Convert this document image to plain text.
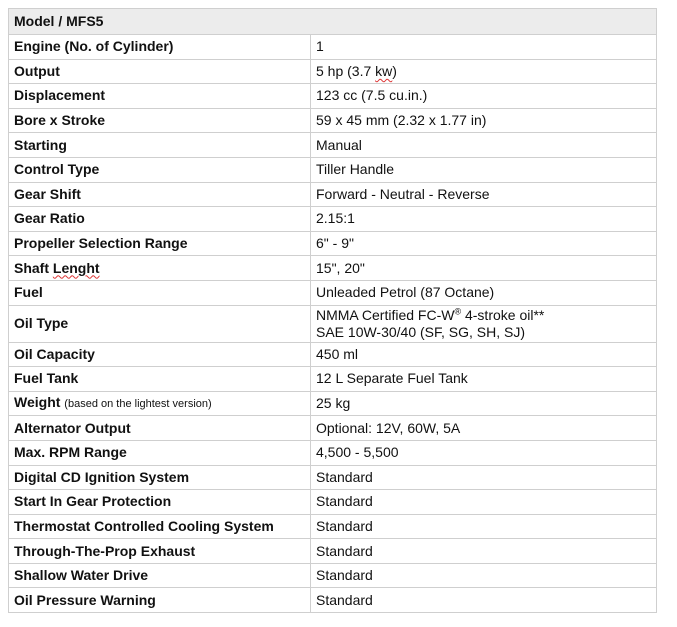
Model / MFS5	
Engine (No. of Cylinder)	1
Output	5 hp (3.7 kw)
Displacement	123 cc (7.5 cu.in.)
Bore x Stroke	59 x 45 mm (2.32 x 1.77 in)
Starting	Manual
Control Type	Tiller Handle
Gear Shift	Forward - Neutral - Reverse
Gear Ratio	2.15:1
Propeller Selection Range	6" - 9"
Shaft Lenght	15", 20"
Fuel	Unleaded Petrol (87 Octane)
Oil Type	NMMA Certified FC-W® 4-stroke oil**
SAE 10W-30/40 (SF, SG, SH, SJ)

Oil Capacity	450 ml
Fuel Tank	12 L Separate Fuel Tank
Weight (based on the lightest version)	25 kg
Alternator Output	Optional: 12V, 60W, 5A
Max. RPM Range	4,500 - 5,500
Digital CD Ignition System	Standard
Start In Gear Protection	Standard
Thermostat Controlled Cooling System	Standard
Through-The-Prop Exhaust	Standard
Shallow Water Drive	Standard
Oil Pressure Warning	Standard
